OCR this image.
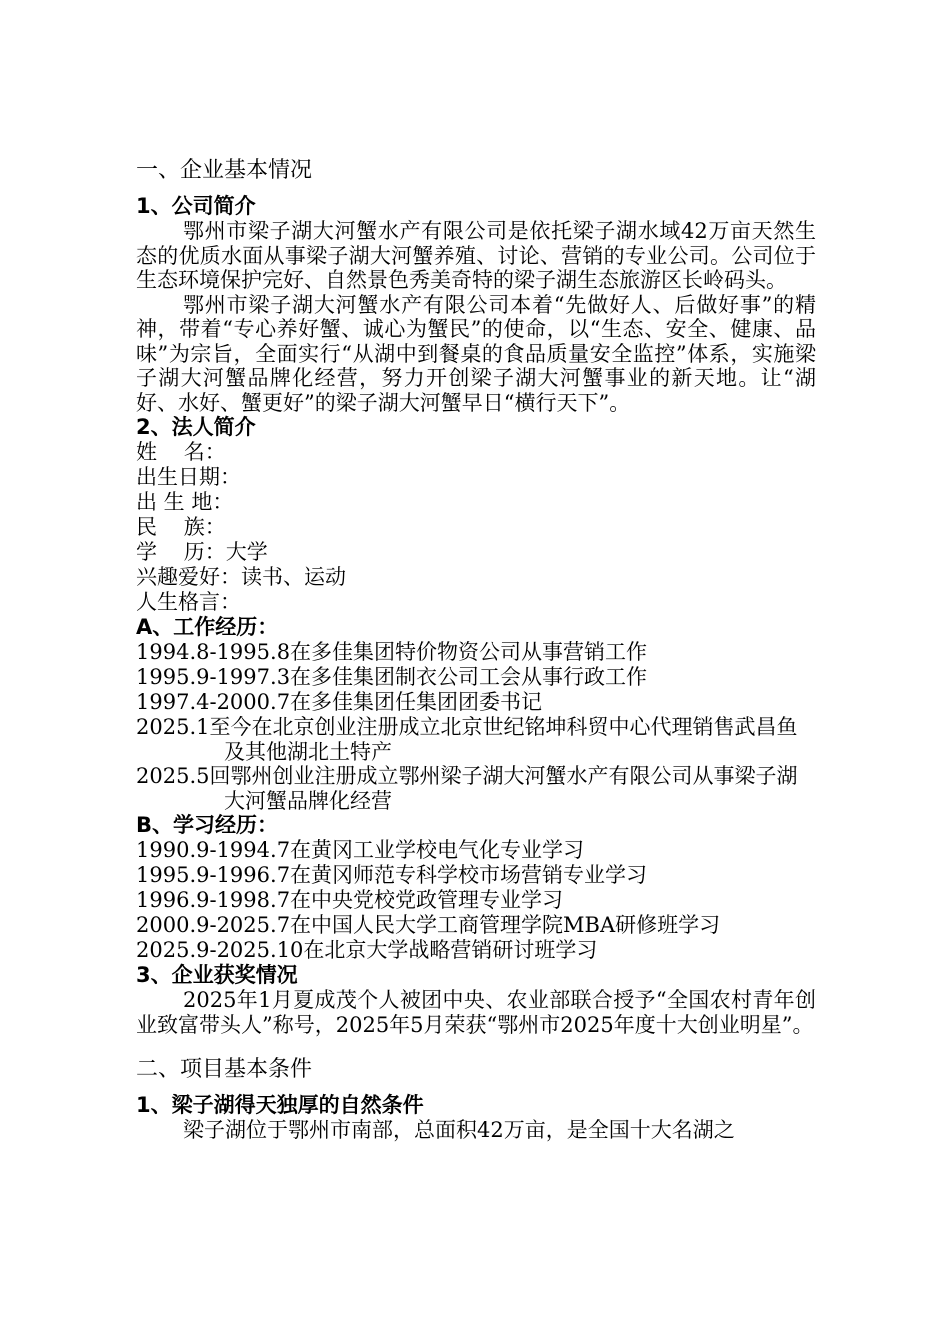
一、企业基本情况
1、公司简介

鄂州市梁子湖大河蟹水产有限公司是依托梁子湖水域42万亩天然生态的优质水面从事梁子湖大河蟹养殖、讨论、营销的专业公司。公司位于生态环境保护完好、自然景色秀美奇特的梁子湖生态旅游区长岭码头。

鄂州市梁子湖大河蟹水产有限公司本着“先做好人、后做好事”的精神，带着“专心养好蟹、诚心为蟹民”的使命，以“生态、安全、健康、品味”为宗旨，全面实行“从湖中到餐桌的食品质量安全监控”体系，实施梁子湖大河蟹品牌化经营，努力开创梁子湖大河蟹事业的新天地。让“湖好、水好、蟹更好”的梁子湖大河蟹早日“横行天下”。

2、法人简介
姓    名：
出生日期：
出 生 地：
民    族：
学    历：大学
兴趣爱好：读书、运动
人生格言：
A、工作经历：
1994.8-1995.8在多佳集团特价物资公司从事营销工作
1995.9-1997.3在多佳集团制衣公司工会从事行政工作
1997.4-2000.7在多佳集团任集团团委书记
2025.1至今在北京创业注册成立北京世纪铭坤科贸中心代理销售武昌鱼及其他湖北土特产
2025.5回鄂州创业注册成立鄂州梁子湖大河蟹水产有限公司从事梁子湖大河蟹品牌化经营
B、学习经历：
1990.9-1994.7在黄冈工业学校电气化专业学习
1995.9-1996.7在黄冈师范专科学校市场营销专业学习
1996.9-1998.7在中央党校党政管理专业学习
2000.9-2025.7在中国人民大学工商管理学院MBA研修班学习
2025.9-2025.10在北京大学战略营销研讨班学习
3、企业获奖情况

2025年1月夏成茂个人被团中央、农业部联合授予“全国农村青年创业致富带头人”称号，2025年5月荣获“鄂州市2025年度十大创业明星”。

二、项目基本条件
1、梁子湖得天独厚的自然条件

梁子湖位于鄂州市南部，总面积42万亩，是全国十大名湖之
